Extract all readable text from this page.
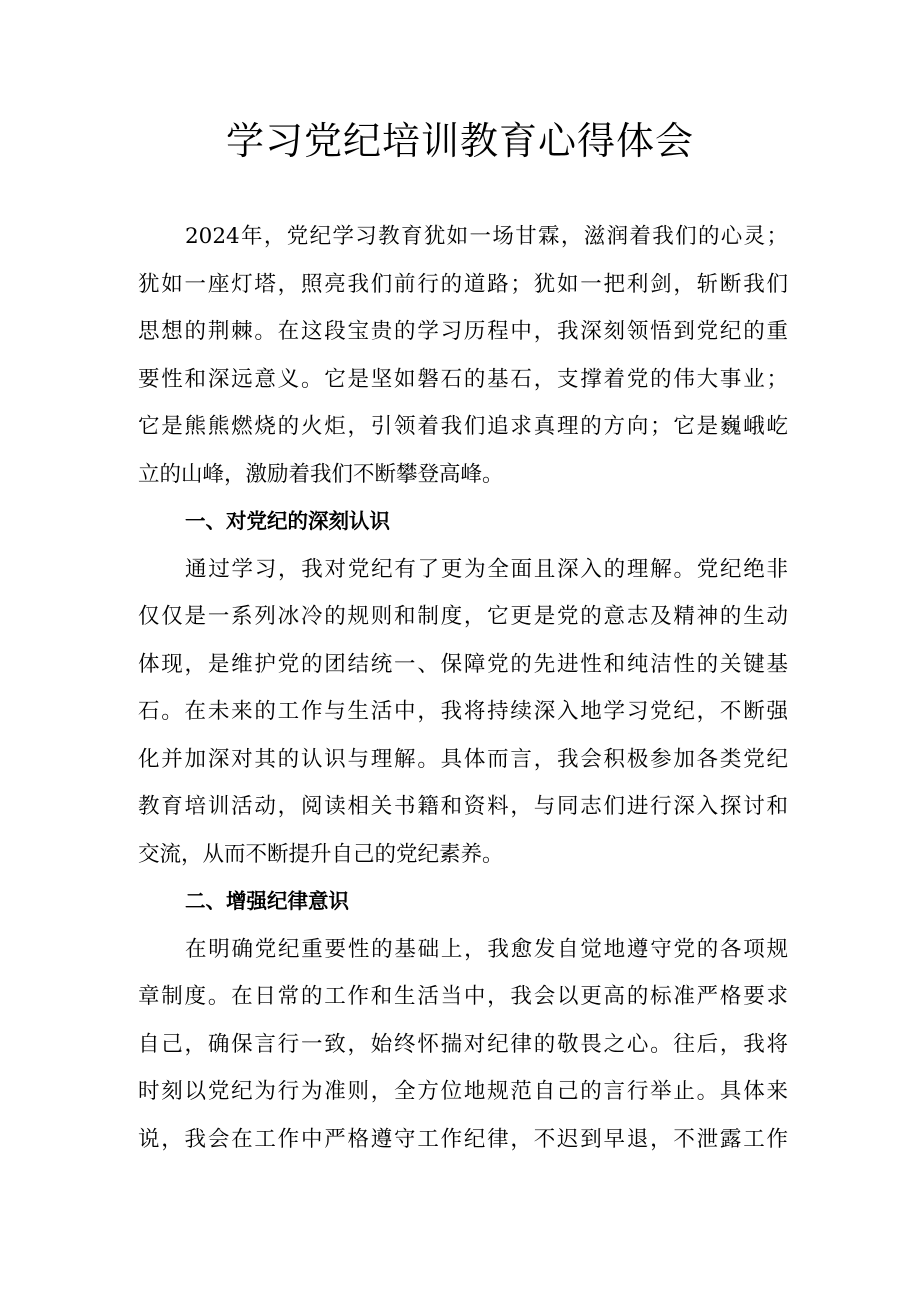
学习党纪培训教育心得体会
2024年，党纪学习教育犹如一场甘霖，滋润着我们的心灵；
犹如一座灯塔，照亮我们前行的道路；犹如一把利剑，斩断我们
思想的荆棘。在这段宝贵的学习历程中，我深刻领悟到党纪的重
要性和深远意义。它是坚如磐石的基石，支撑着党的伟大事业；
它是熊熊燃烧的火炬，引领着我们追求真理的方向；它是巍峨屹
立的山峰，激励着我们不断攀登高峰。
一、对党纪的深刻认识
通过学习，我对党纪有了更为全面且深入的理解。党纪绝非
仅仅是一系列冰冷的规则和制度，它更是党的意志及精神的生动
体现，是维护党的团结统一、保障党的先进性和纯洁性的关键基
石。在未来的工作与生活中，我将持续深入地学习党纪，不断强
化并加深对其的认识与理解。具体而言，我会积极参加各类党纪
教育培训活动，阅读相关书籍和资料，与同志们进行深入探讨和
交流，从而不断提升自己的党纪素养。
二、增强纪律意识
在明确党纪重要性的基础上，我愈发自觉地遵守党的各项规
章制度。在日常的工作和生活当中，我会以更高的标准严格要求
自己，确保言行一致，始终怀揣对纪律的敬畏之心。往后，我将
时刻以党纪为行为准则，全方位地规范自己的言行举止。具体来
说，我会在工作中严格遵守工作纪律，不迟到早退，不泄露工作
